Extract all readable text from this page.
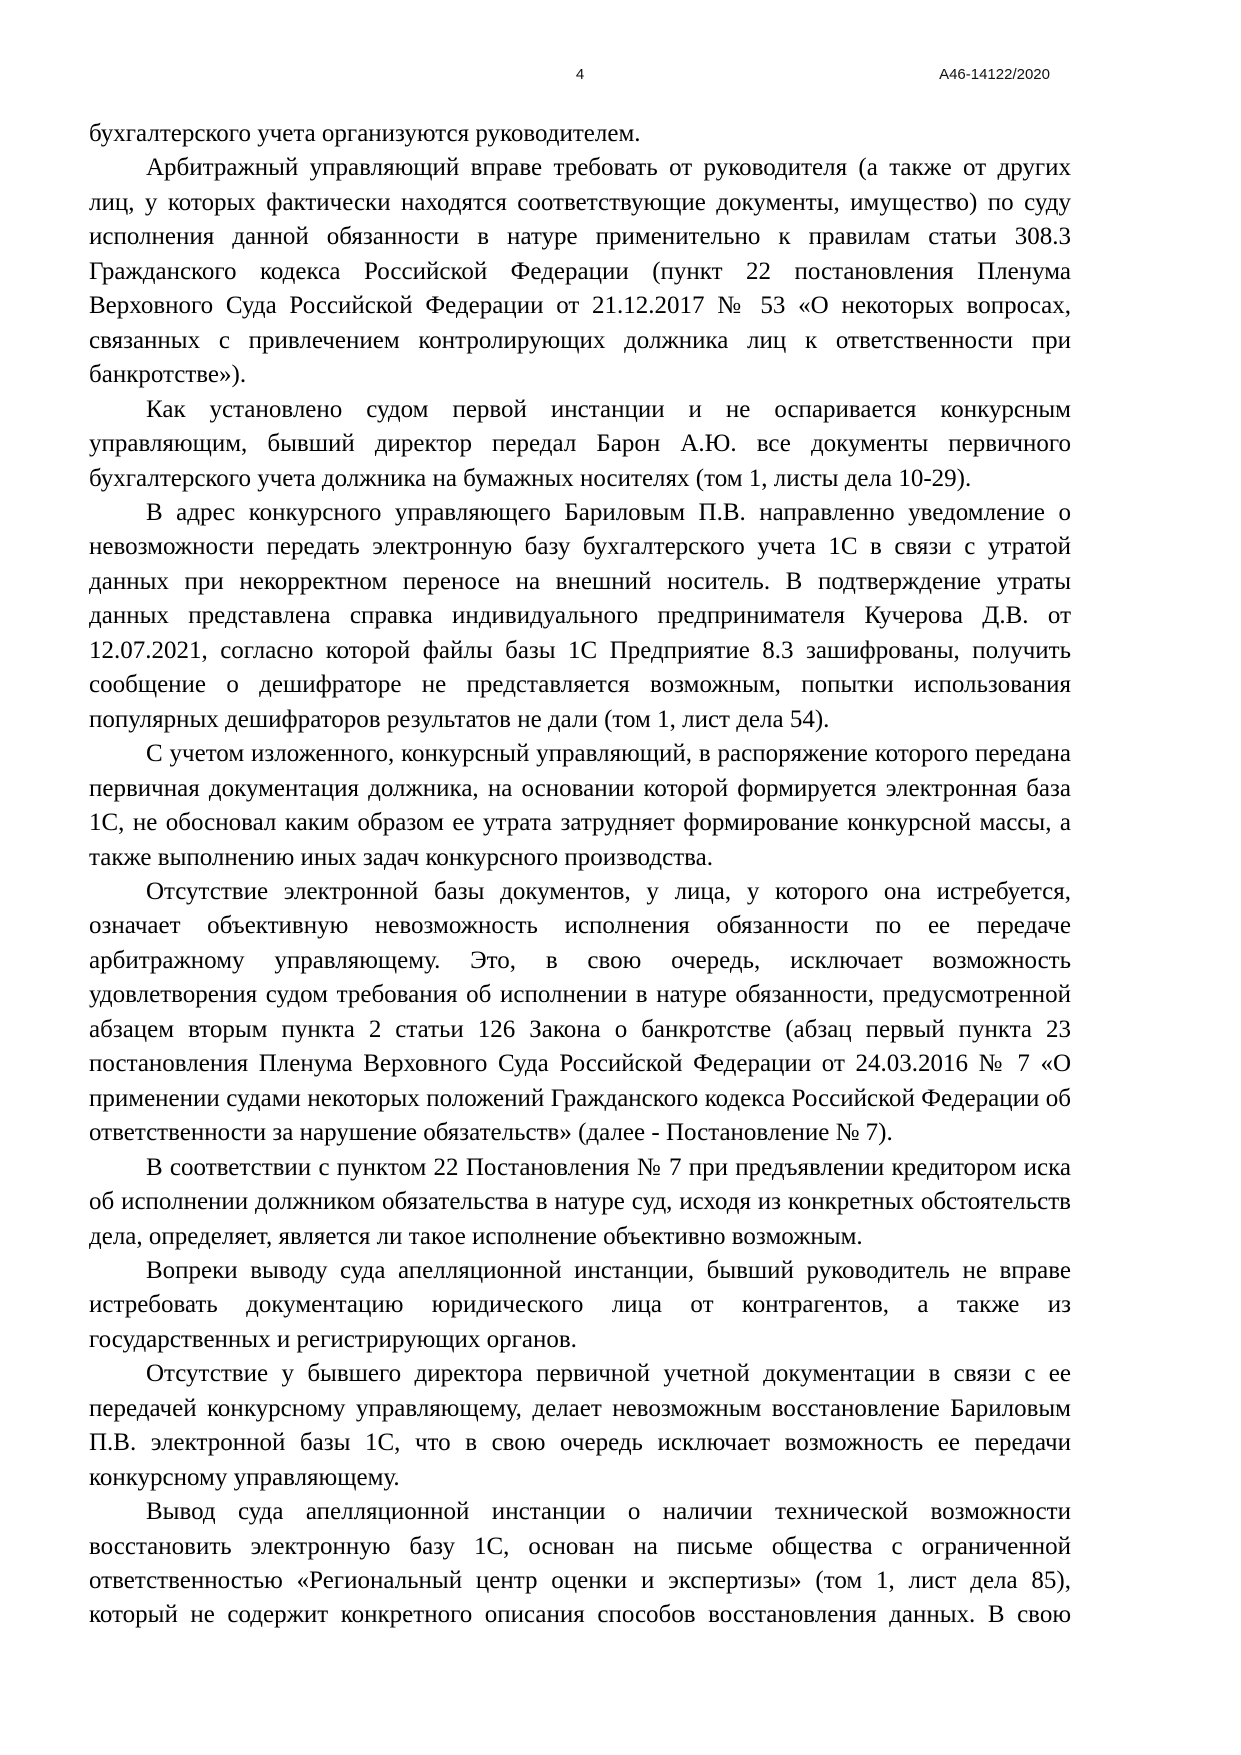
4	А46-14122/2020

бухгалтерского учета организуются руководителем.

Арбитражный управляющий вправе требовать от руководителя (а также от других лиц, у которых фактически находятся соответствующие документы, имущество) по суду исполнения данной обязанности в натуре применительно к правилам статьи 308.3 Гражданского кодекса Российской Федерации (пункт 22 постановления Пленума Верховного Суда Российской Федерации от 21.12.2017 № 53 «О некоторых вопросах, связанных с привлечением контролирующих должника лиц к ответственности при банкротстве»).

Как установлено судом первой инстанции и не оспаривается конкурсным управляющим, бывший директор передал Барон А.Ю. все документы первичного бухгалтерского учета должника на бумажных носителях (том 1, листы дела 10-29).

В адрес конкурсного управляющего Бариловым П.В. направленно уведомление о невозможности передать электронную базу бухгалтерского учета 1С в связи с утратой данных при некорректном переносе на внешний носитель. В подтверждение утраты данных представлена справка индивидуального предпринимателя Кучерова Д.В. от 12.07.2021, согласно которой файлы базы 1С Предприятие 8.3 зашифрованы, получить сообщение о дешифраторе не представляется возможным, попытки использования популярных дешифраторов результатов не дали (том 1, лист дела 54).

С учетом изложенного, конкурсный управляющий, в распоряжение которого передана первичная документация должника, на основании которой формируется электронная база 1С, не обосновал каким образом ее утрата затрудняет формирование конкурсной массы, а также выполнению иных задач конкурсного производства.

Отсутствие электронной базы документов, у лица, у которого она истребуется, означает объективную невозможность исполнения обязанности по ее передаче арбитражному управляющему. Это, в свою очередь, исключает возможность удовлетворения судом требования об исполнении в натуре обязанности, предусмотренной абзацем вторым пункта 2 статьи 126 Закона о банкротстве (абзац первый пункта 23 постановления Пленума Верховного Суда Российской Федерации от 24.03.2016 № 7 «О применении судами некоторых положений Гражданского кодекса Российской Федерации об ответственности за нарушение обязательств» (далее - Постановление № 7).

В соответствии с пунктом 22 Постановления № 7 при предъявлении кредитором иска об исполнении должником обязательства в натуре суд, исходя из конкретных обстоятельств дела, определяет, является ли такое исполнение объективно возможным.

Вопреки выводу суда апелляционной инстанции, бывший руководитель не вправе истребовать документацию юридического лица от контрагентов, а также из государственных и регистрирующих органов.

Отсутствие у бывшего директора первичной учетной документации в связи с ее передачей конкурсному управляющему, делает невозможным восстановление Бариловым П.В. электронной базы 1С, что в свою очередь исключает возможность ее передачи конкурсному управляющему.

Вывод суда апелляционной инстанции о наличии технической возможности восстановить электронную базу 1С, основан на письме общества с ограниченной ответственностью «Региональный центр оценки и экспертизы» (том 1, лист дела 85), который не содержит конкретного описания способов восстановления данных. В свою
